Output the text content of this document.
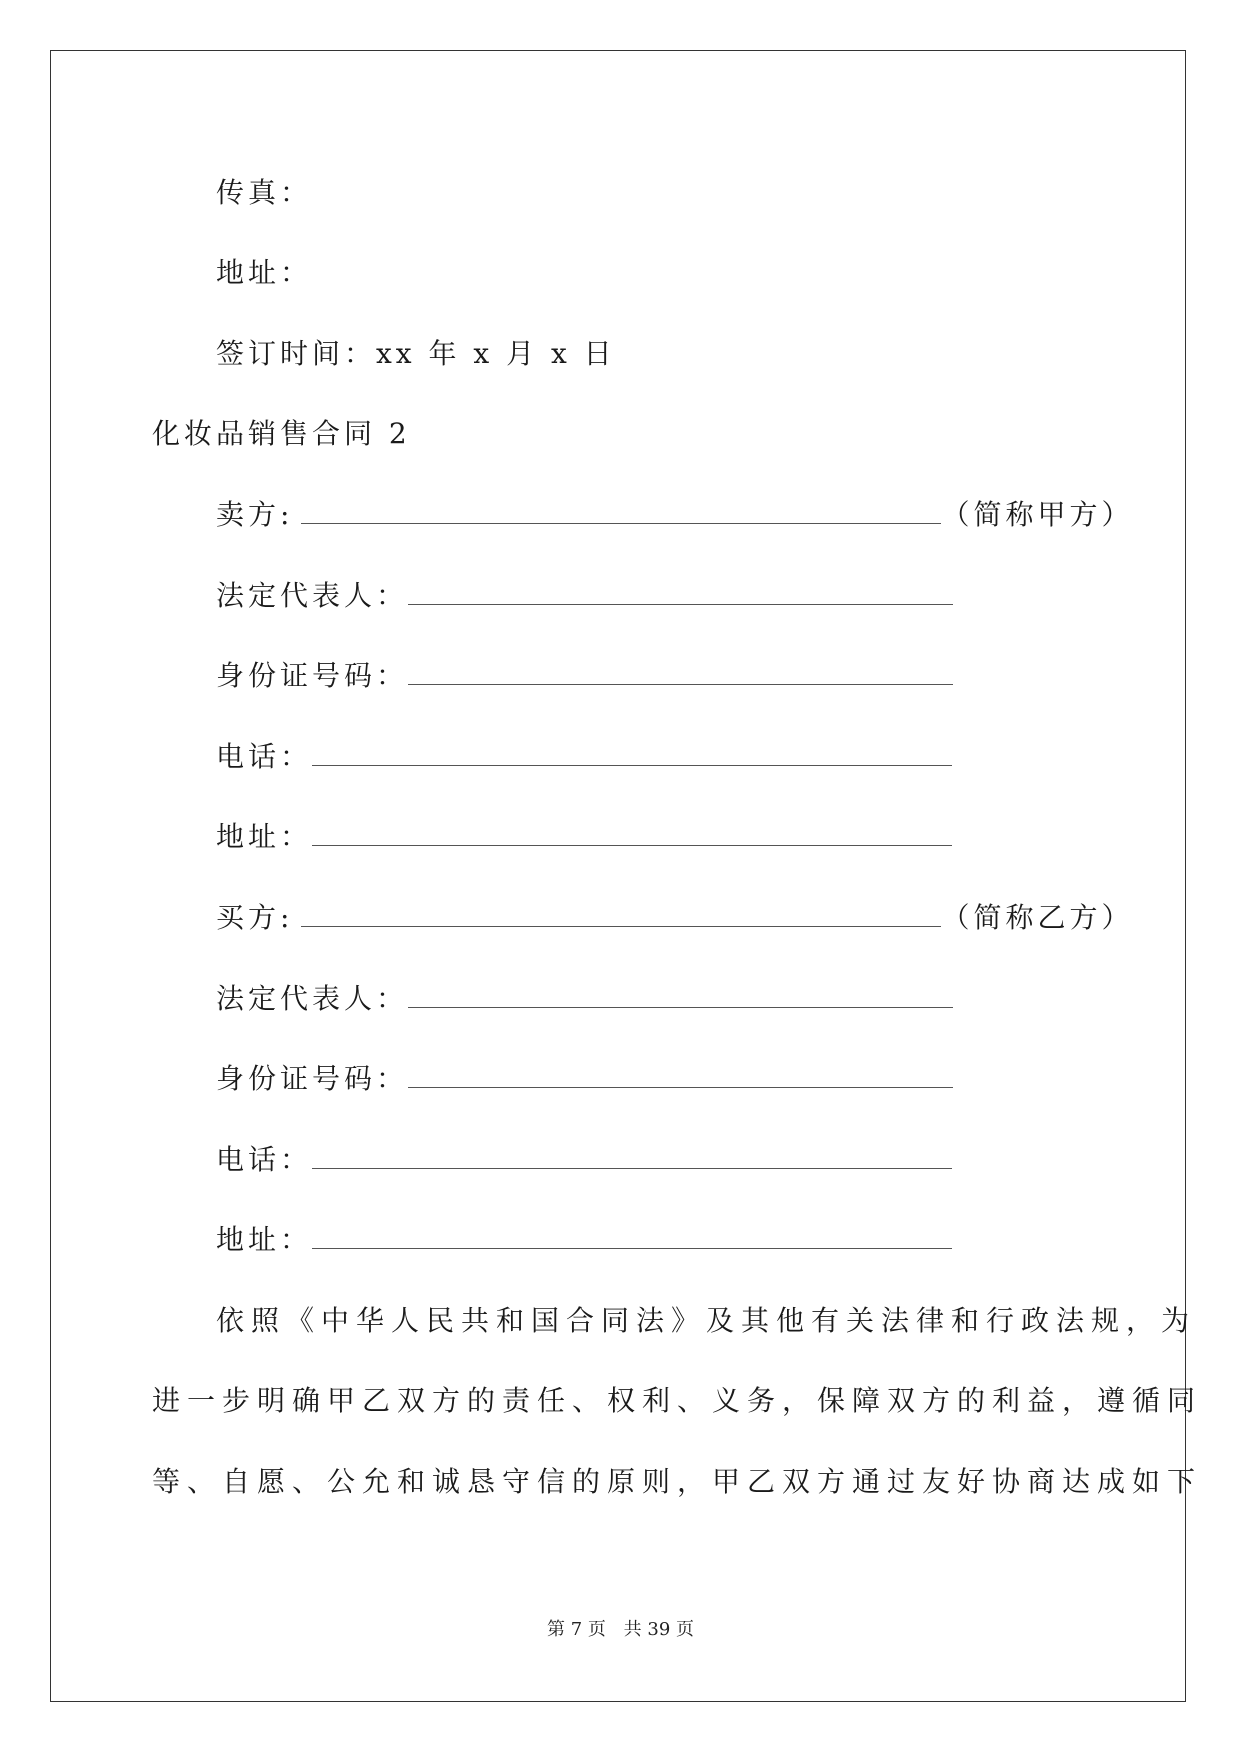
传真：
地址：
签订时间：xx 年 x 月 x 日
化妆品销售合同 2
卖方:	（简称甲方）
法定代表人：
身份证号码：
电话：
地址：
买方:	（简称乙方）
法定代表人：
身份证号码：
电话：
地址：
依照《中华人民共和国合同法》及其他有关法律和行政法规，为
进一步明确甲乙双方的责任、权利、义务，保障双方的利益，遵循同
等、自愿、公允和诚恳守信的原则，甲乙双方通过友好协商达成如下
第 7 页 共 39 页
